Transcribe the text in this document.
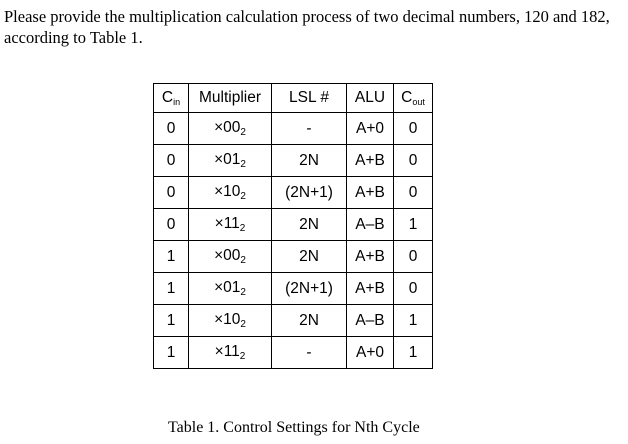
Please provide the multiplication calculation process of two decimal numbers, 120 and 182,
according to Table 1.
$C_{in}$	Multiplier	LSL #	ALU	$C_{out}$
0	$\times 00_2$	-	A+0	0
0	$\times 01_2$	2N	A+B	0
0	$\times 10_2$	(2N+1)	A+B	0
0	$\times 11_2$	2N	A–B	1
1	$\times 00_2$	2N	A+B	0
1	$\times 01_2$	(2N+1)	A+B	0
1	$\times 10_2$	2N	A–B	1
1	$\times 11_2$	-	A+0	1
Table 1. Control Settings for Nth Cycle
